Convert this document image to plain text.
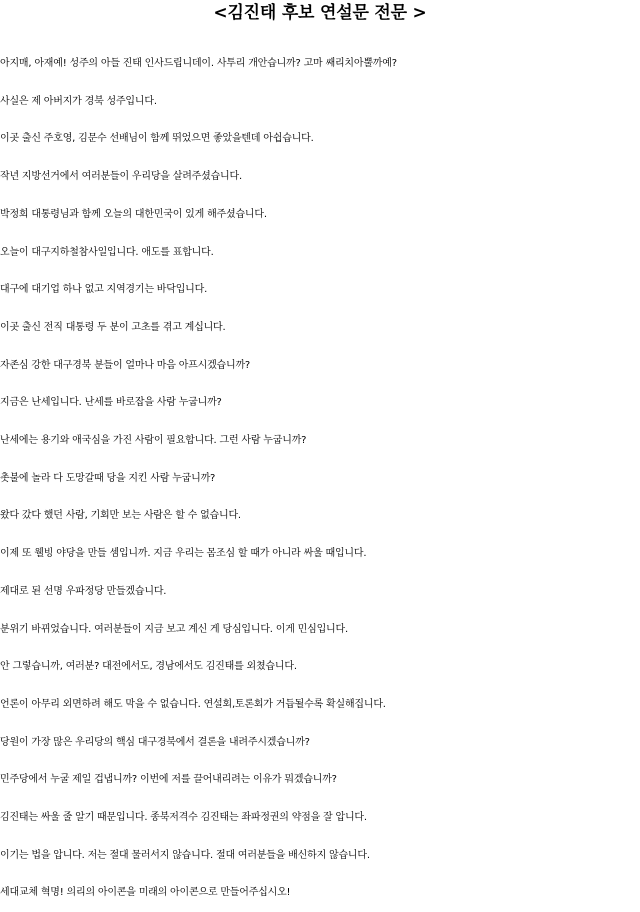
<김진태 후보 연설문 전문 >
아지매, 아재예! 성주의 아들 진태 인사드립니데이. 사투리 개안습니까? 고마 쌔리치아뿔까예?
사실은 제 아버지가 경북 성주입니다.
이곳 출신 주호영, 김문수 선배님이 함께 뛰었으면 좋았을텐데 아쉽습니다.
작년 지방선거에서 여러분들이 우리당을 살려주셨습니다.
박정희 대통령님과 함께 오늘의 대한민국이 있게 해주셨습니다.
오늘이 대구지하철참사일입니다. 애도를 표합니다.
대구에 대기업 하나 없고 지역경기는 바닥입니다.
이곳 출신 전직 대통령 두 분이 고초를 겪고 계십니다.
자존심 강한 대구경북 분들이 얼마나 마음 아프시겠습니까?
지금은 난세입니다. 난세를 바로잡을 사람 누굽니까?
난세에는 용기와 애국심을 가진 사람이 필요합니다. 그런 사람 누굽니까?
촛불에 놀라 다 도망갈때 당을 지킨 사람 누굽니까?
왔다 갔다 했던 사람, 기회만 보는 사람은 할 수 없습니다.
이제 또 웰빙 야당을 만들 셈입니까. 지금 우리는 몸조심 할 때가 아니라 싸울 때입니다.
제대로 된 선명 우파정당 만들겠습니다.
분위기 바뀌었습니다. 여러분들이 지금 보고 계신 게 당심입니다. 이게 민심입니다.
안 그렇습니까, 여러분? 대전에서도, 경남에서도 김진태를 외쳤습니다.
언론이 아무리 외면하려 해도 막을 수 없습니다. 연설회,토론회가 거듭될수록 확실해집니다.
당원이 가장 많은 우리당의 핵심 대구경북에서 결론을 내려주시겠습니까?
민주당에서 누굴 제일 겁냅니까? 이번에 저를 끌어내리려는 이유가 뭐겠습니까?
김진태는 싸울 줄 알기 때문입니다. 종북저격수 김진태는 좌파정권의 약점을 잘 압니다.
이기는 법을 압니다. 저는 절대 물러서지 않습니다. 절대 여러분들을 배신하지 않습니다.
세대교체 혁명! 의리의 아이콘을 미래의 아이콘으로 만들어주십시오!
